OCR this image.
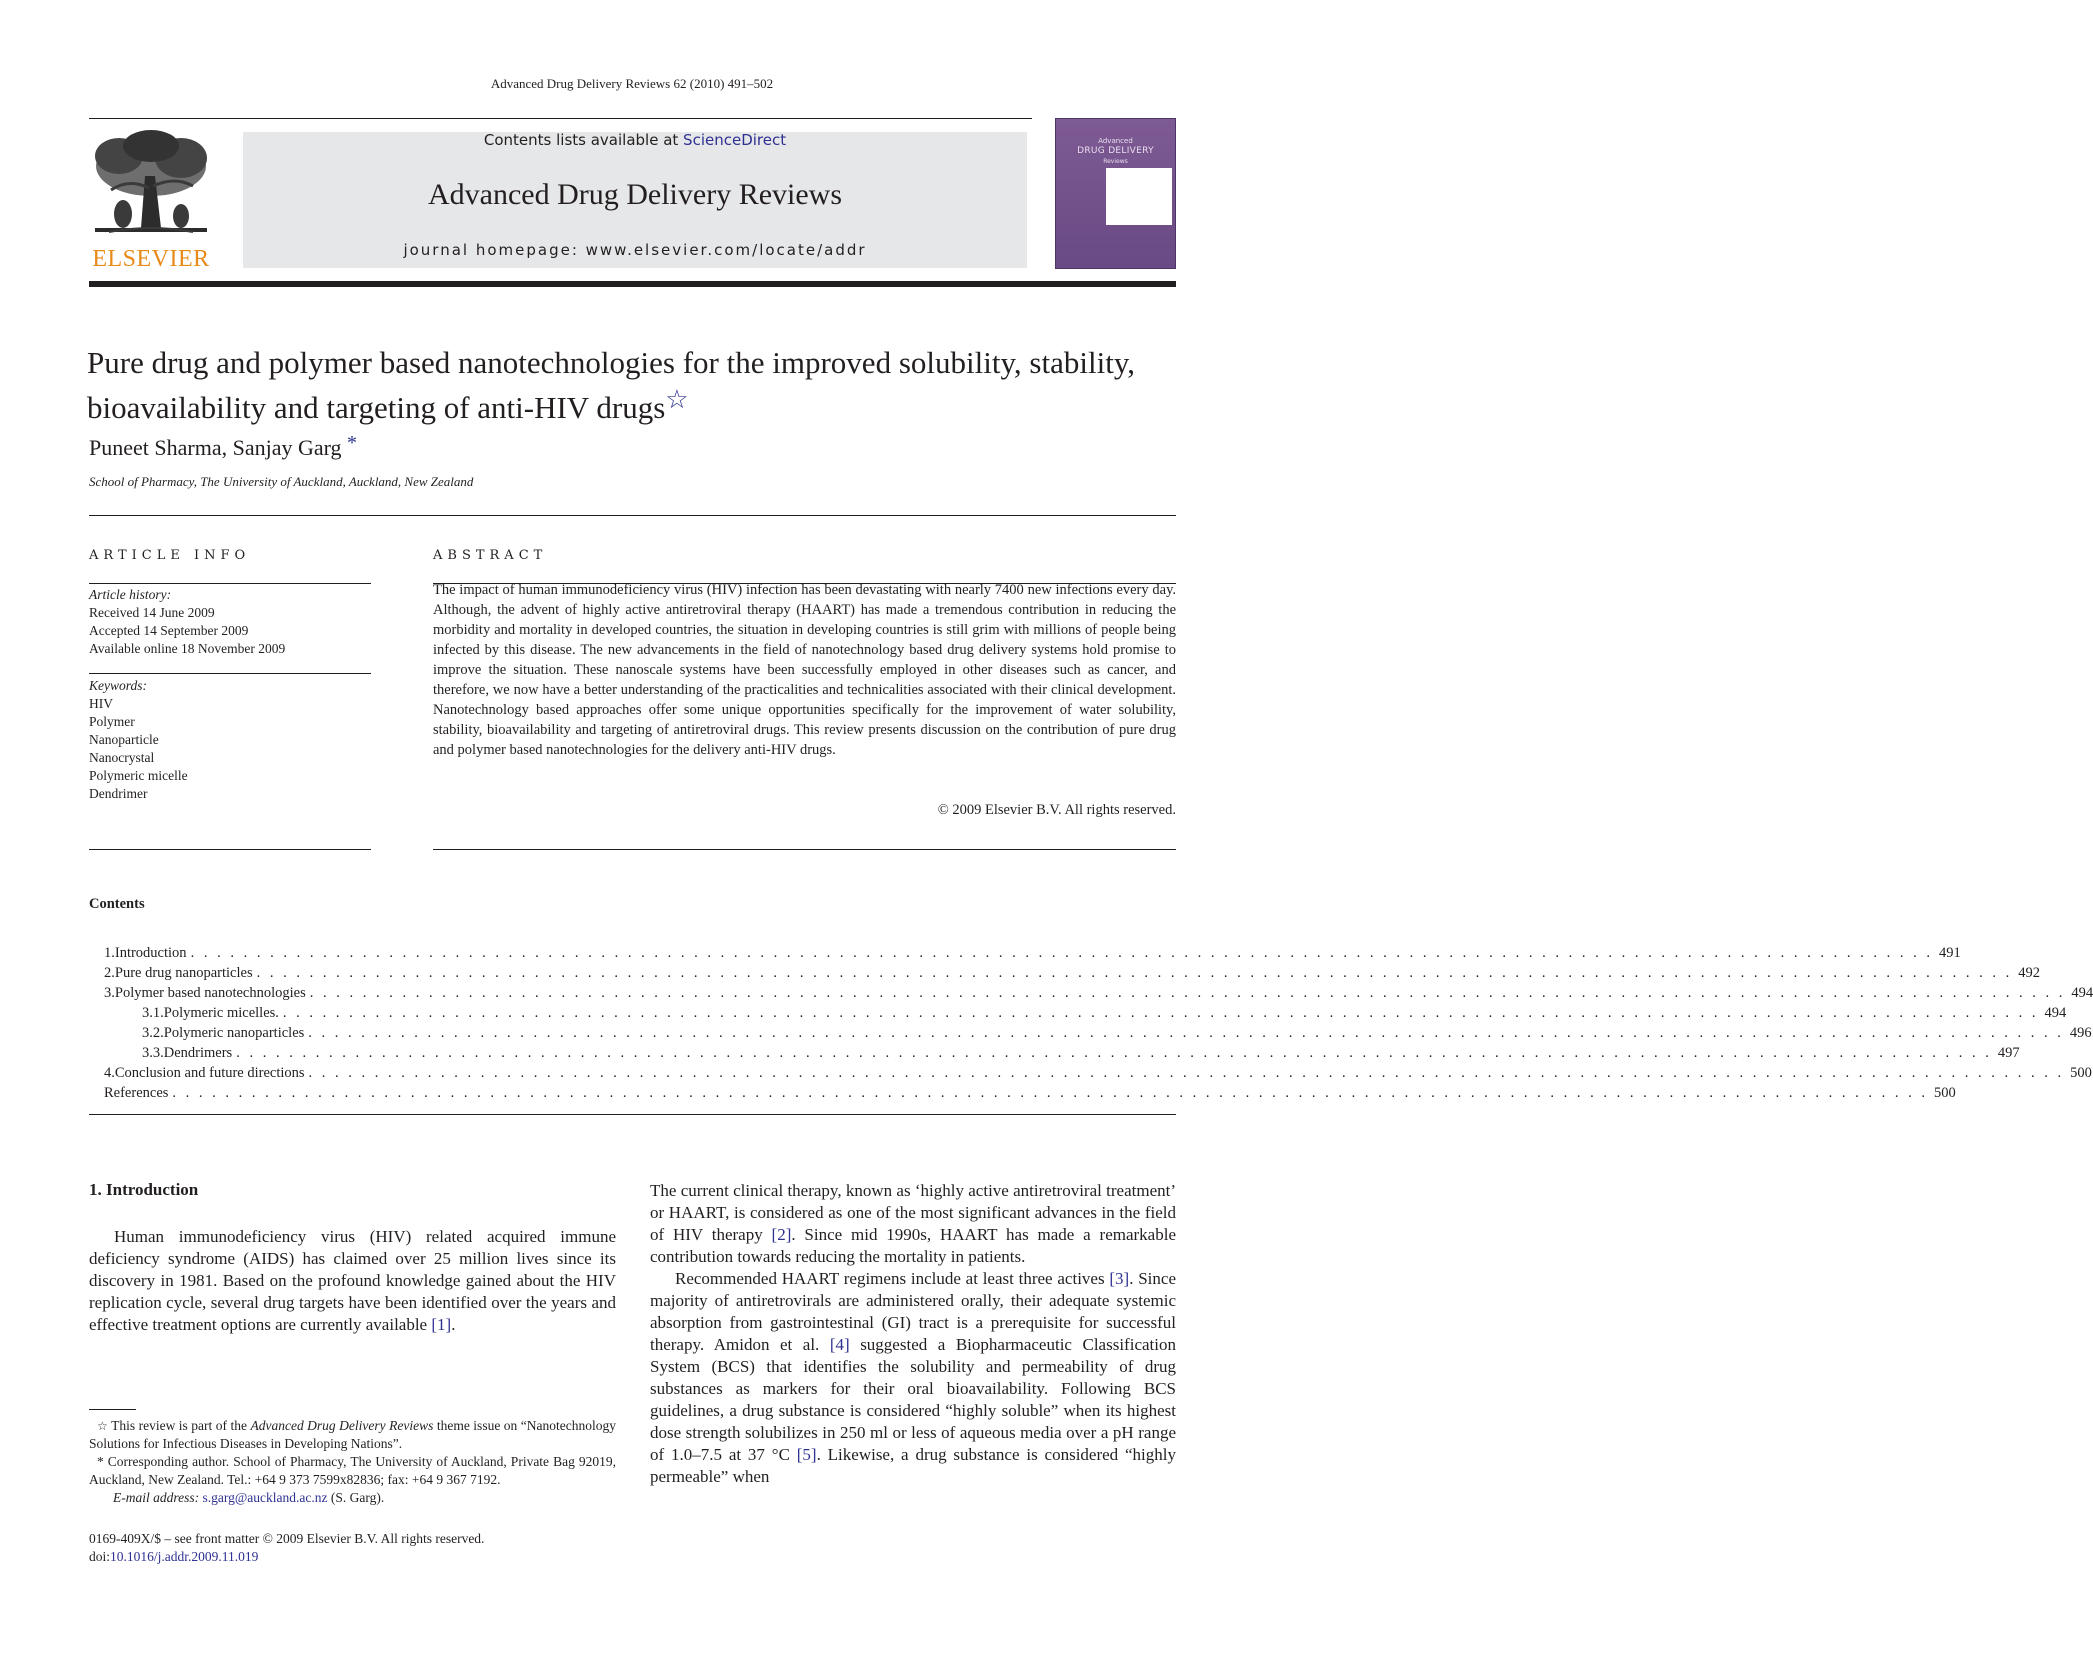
Advanced Drug Delivery Reviews 62 (2010) 491–502
ELSEVIER
Contents lists available at ScienceDirect
Advanced Drug Delivery Reviews
journal homepage: www.elsevier.com/locate/addr
Advanced
DRUG DELIVERY
Reviews
Pure drug and polymer based nanotechnologies for the improved solubility, stability,
bioavailability and targeting of anti-HIV drugs☆
Puneet Sharma, Sanjay Garg *
School of Pharmacy, The University of Auckland, Auckland, New Zealand
ARTICLE INFO
Article history:
Received 14 June 2009
Accepted 14 September 2009
Available online 18 November 2009
Keywords:
HIV
Polymer
Nanoparticle
Nanocrystal
Polymeric micelle
Dendrimer
ABSTRACT
The impact of human immunodeficiency virus (HIV) infection has been devastating with nearly 7400 new infections every day. Although, the advent of highly active antiretroviral therapy (HAART) has made a tremendous contribution in reducing the morbidity and mortality in developed countries, the situation in developing countries is still grim with millions of people being infected by this disease. The new advancements in the field of nanotechnology based drug delivery systems hold promise to improve the situation. These nanoscale systems have been successfully employed in other diseases such as cancer, and therefore, we now have a better understanding of the practicalities and technicalities associated with their clinical development. Nanotechnology based approaches offer some unique opportunities specifically for the improvement of water solubility, stability, bioavailability and targeting of antiretroviral drugs. This review presents discussion on the contribution of pure drug and polymer based nanotechnologies for the delivery anti-HIV drugs.
© 2009 Elsevier B.V. All rights reserved.
Contents
1. Introduction . . . . . . . . . . . . . . . . . . . . . . . . . . . . . . . . . . . . . . . . . . . . . . . . . . . . . . . . . . . . . . . . . . . . . . . . . . . . . . . . . . . . . . . . . . . . . . . . . . . . . . . . . . . . . . . . . . . . . . . . . . . . . . . . . . . . 491
2. Pure drug nanoparticles . . . . . . . . . . . . . . . . . . . . . . . . . . . . . . . . . . . . . . . . . . . . . . . . . . . . . . . . . . . . . . . . . . . . . . . . . . . . . . . . . . . . . . . . . . . . . . . . . . . . . . . . . . . . . . . . . . . . . . . . . . . . . . . . . . . . . 492
3. Polymer based nanotechnologies . . . . . . . . . . . . . . . . . . . . . . . . . . . . . . . . . . . . . . . . . . . . . . . . . . . . . . . . . . . . . . . . . . . . . . . . . . . . . . . . . . . . . . . . . . . . . . . . . . . . . . . . . . . . . . . . . . . . . . . . . . . . . . . . . . . . . 494
3.1. Polymeric micelles. . . . . . . . . . . . . . . . . . . . . . . . . . . . . . . . . . . . . . . . . . . . . . . . . . . . . . . . . . . . . . . . . . . . . . . . . . . . . . . . . . . . . . . . . . . . . . . . . . . . . . . . . . . . . . . . . . . . . . . . . . . . . . . . . . . . . . 494
3.2. Polymeric nanoparticles . . . . . . . . . . . . . . . . . . . . . . . . . . . . . . . . . . . . . . . . . . . . . . . . . . . . . . . . . . . . . . . . . . . . . . . . . . . . . . . . . . . . . . . . . . . . . . . . . . . . . . . . . . . . . . . . . . . . . . . . . . . . . . . . . . . . . 496
3.3. Dendrimers . . . . . . . . . . . . . . . . . . . . . . . . . . . . . . . . . . . . . . . . . . . . . . . . . . . . . . . . . . . . . . . . . . . . . . . . . . . . . . . . . . . . . . . . . . . . . . . . . . . . . . . . . . . . . . . . . . . . . . . . . . . . . . . . . . . . . 497
4. Conclusion and future directions . . . . . . . . . . . . . . . . . . . . . . . . . . . . . . . . . . . . . . . . . . . . . . . . . . . . . . . . . . . . . . . . . . . . . . . . . . . . . . . . . . . . . . . . . . . . . . . . . . . . . . . . . . . . . . . . . . . . . . . . . . . . . . . . . . . . . 500
References . . . . . . . . . . . . . . . . . . . . . . . . . . . . . . . . . . . . . . . . . . . . . . . . . . . . . . . . . . . . . . . . . . . . . . . . . . . . . . . . . . . . . . . . . . . . . . . . . . . . . . . . . . . . . . . . . . . . . . . . . . . . . . . . . . . . . 500
1. Introduction
Human immunodeficiency virus (HIV) related acquired immune deficiency syndrome (AIDS) has claimed over 25 million lives since its discovery in 1981. Based on the profound knowledge gained about the HIV replication cycle, several drug targets have been identified over the years and effective treatment options are currently available [1].

The current clinical therapy, known as ‘highly active antiretroviral treatment’ or HAART, is considered as one of the most significant advances in the field of HIV therapy [2]. Since mid 1990s, HAART has made a remarkable contribution towards reducing the mortality in patients.

Recommended HAART regimens include at least three actives [3]. Since majority of antiretrovirals are administered orally, their adequate systemic absorption from gastrointestinal (GI) tract is a prerequisite for successful therapy. Amidon et al. [4] suggested a Biopharmaceutic Classification System (BCS) that identifies the solubility and permeability of drug substances as markers for their oral bioavailability. Following BCS guidelines, a drug substance is considered “highly soluble” when its highest dose strength solubilizes in 250 ml or less of aqueous media over a pH range of 1.0–7.5 at 37 °C [5]. Likewise, a drug substance is considered “highly permeable” when

☆ This review is part of the Advanced Drug Delivery Reviews theme issue on “Nanotechnology Solutions for Infectious Diseases in Developing Nations”.
* Corresponding author. School of Pharmacy, The University of Auckland, Private Bag 92019, Auckland, New Zealand. Tel.: +64 9 373 7599x82836; fax: +64 9 367 7192.
E-mail address: s.garg@auckland.ac.nz (S. Garg).
0169-409X/$ – see front matter © 2009 Elsevier B.V. All rights reserved.
doi:10.1016/j.addr.2009.11.019
